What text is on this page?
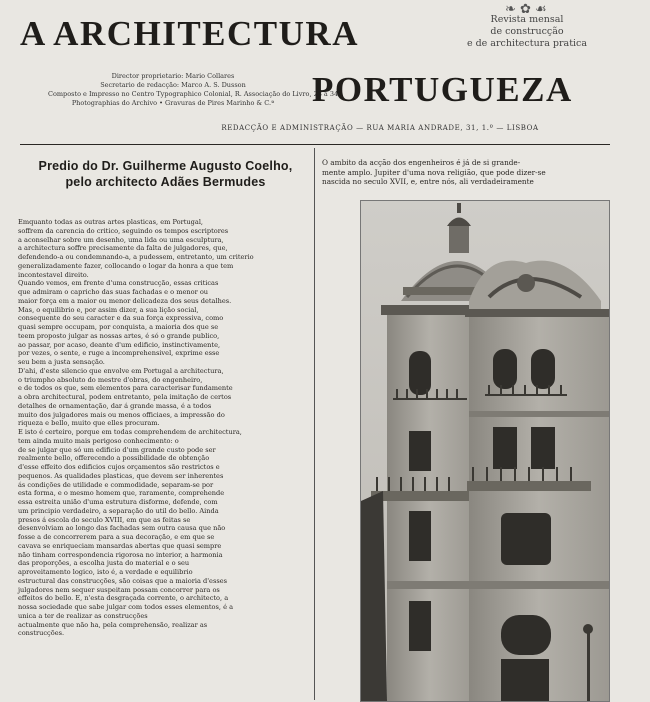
A ARCHITECTURA
❧ ✿ ☙
Revista mensal
de construcção
e de architectura pratica
Director proprietario: Mario Collares
Secretario de redacção: Marco A. S. Dusson
Composto e Impresso no Centro Typographico Colonial, R. Associação do Livro, 28 a 34
Photographias do Archivo • Gravuras de Pires Marinho & C.ª	PORTUGUEZA
REDACÇÃO E ADMINISTRAÇÃO — RUA MARIA ANDRADE, 31, 1.º — LISBOA
Predio do Dr. Guilherme Augusto Coelho,
pelo architecto Adães Bermudes
Emquanto todas as outras artes plasticas, em Portugal,
soffrem da carencia do critico, seguindo os tempos escriptores
a aconselhar sobre um desenho, uma lida ou uma esculptura,
a architectura soffre precisamente da falta de julgadores, que,
defendendo-a ou condemnando-a, a pudessem, entretanto, um criterio
generalizadamente fazer, collocando o logar da honra a que tem
incontestavel direito.
Quando vemos, em frente d'uma construcção, essas criticas
que admiram o capricho das suas fachadas e o menor ou
maior força em a maior ou menor delicadeza dos seus detalhes.
Mas, o equilibrio e, por assim dizer, a sua lição social,
consequente do seu caracter e da sua força expressiva, como
quasi sempre occupam, por conquista, a maioria dos que se
teem proposto julgar as nossas artes, é só o grande publico,
ao passar, por acaso, deante d'um edificio, instinctivamente,
por vezes, o sente, e ruge a incomprehensivel, exprime esse
seu bem a justa sensação.
D'ahi, d'este silencio que envolve em Portugal a architectura,
o triumpho absoluto do mestre d'obras, do engenheiro,
e de todos os que, sem elementos para caracterisar fundamente
a obra architectural, podem entretanto, pela imitação de certos
detalhes de ornamentação, dar á grande massa, é a todos
muito dos julgadores mais ou menos officiaes, a impressão do
riqueza e bello, muito que elles procuram.
E isto é certeiro, porque em todas comprehendem de architectura,
tem ainda muito mais perigoso conhecimento: o
de se julgar que só um edificio d'um grande custo pode ser
realmente bello, offerecendo a possibilidade de obtenção
d'esse effeito dos edificios cujos orçamentos são restrictos e
pequenos. As qualidades plasticas, que devem ser inherentes
ás condições de utilidade e commodidade, separam-se por
esta forma, e o mesmo homem que, raramente, comprehende
essa estreita união d'uma estrutura disforme, defende, com
um principio verdadeiro, a separação do util do bello. Ainda
presos á escola do seculo XVIII, em que as feitas se
desenvolviam ao longo das fachadas sem outra causa que não
fosse a de concorrerem para a sua decoração, e em que se
cavava se enriqueciam mansardas abertas que quasi sempre
não tinham correspondencia rigorosa no interior, a harmonia
das proporções, a escolha justa do material e o seu
aproveitamento logico, isto é, a verdade e equilibrio
estructural das construcções, são coisas que a maioria d'esses
julgadores nem sequer suspeitam possam concorrer para os
effeitos do bello. E, n'esta desgraçada corrente, o architecto, a
nossa sociedade que sabe julgar com todos esses elementos, é a
unica a ter de realizar as construcções
actualmente que não ha, pela comprehensão, realizar as
construcções.
O ambito da acção dos engenheiros é já de si grande-
mente amplo. Jupiter d'uma nova religião, que pode dizer-se
nascida no seculo XVII, e, entre nós, ali verdadeiramente
